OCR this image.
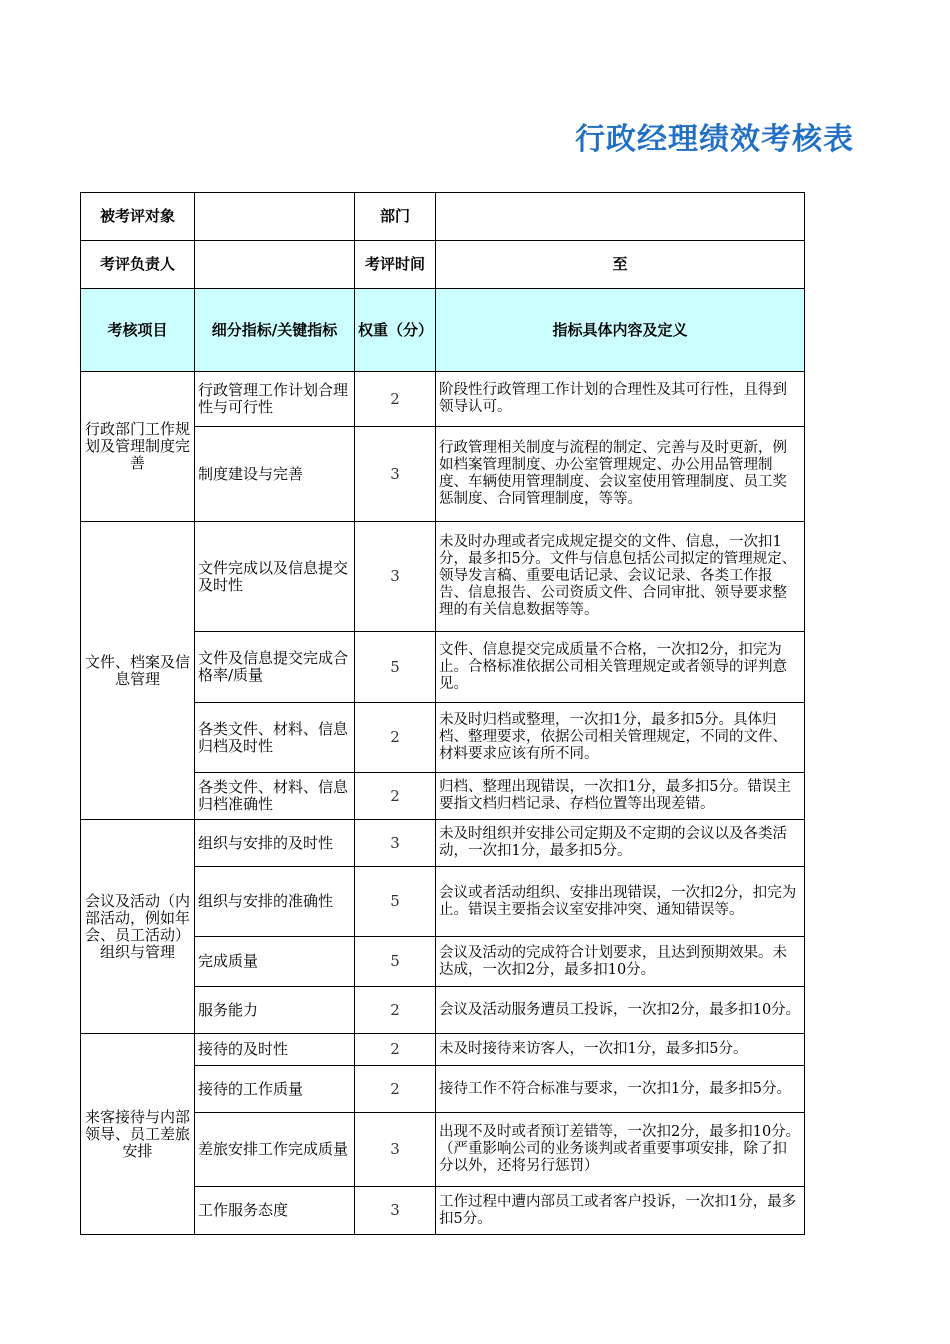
行政经理绩效考核表
被考评对象		部门	
考评负责人		考评时间	至
考核项目	细分指标/关键指标	权重（分）	指标具体内容及定义
行政部门工作规划及管理制度完善	行政管理工作计划合理性与可行性	2	阶段性行政管理工作计划的合理性及其可行性，且得到领导认可。
	制度建设与完善	3	行政管理相关制度与流程的制定、完善与及时更新，例如档案管理制度、办公室管理规定、办公用品管理制度、车辆使用管理制度、会议室使用管理制度、员工奖惩制度、合同管理制度，等等。
文件、档案及信息管理	文件完成以及信息提交及时性	3	未及时办理或者完成规定提交的文件、信息，一次扣1分，最多扣5分。文件与信息包括公司拟定的管理规定、领导发言稿、重要电话记录、会议记录、各类工作报告、信息报告、公司资质文件、合同审批、领导要求整理的有关信息数据等等。
	文件及信息提交完成合格率/质量	5	文件、信息提交完成质量不合格，一次扣2分，扣完为止。合格标准依据公司相关管理规定或者领导的评判意见。
	各类文件、材料、信息归档及时性	2	未及时归档或整理，一次扣1分，最多扣5分。具体归档、整理要求，依据公司相关管理规定，不同的文件、材料要求应该有所不同。
	各类文件、材料、信息归档准确性	2	归档、整理出现错误，一次扣1分，最多扣5分。错误主要指文档归档记录、存档位置等出现差错。
会议及活动（内部活动，例如年会、员工活动）组织与管理	组织与安排的及时性	3	未及时组织并安排公司定期及不定期的会议以及各类活动，一次扣1分，最多扣5分。
	组织与安排的准确性	5	会议或者活动组织、安排出现错误，一次扣2分，扣完为止。错误主要指会议室安排冲突、通知错误等。
	完成质量	5	会议及活动的完成符合计划要求，且达到预期效果。未达成，一次扣2分，最多扣10分。
	服务能力	2	会议及活动服务遭员工投诉，一次扣2分，最多扣10分。
来客接待与内部领导、员工差旅安排	接待的及时性	2	未及时接待来访客人，一次扣1分，最多扣5分。
	接待的工作质量	2	接待工作不符合标准与要求，一次扣1分，最多扣5分。
	差旅安排工作完成质量	3	出现不及时或者预订差错等，一次扣2分，最多扣10分。（严重影响公司的业务谈判或者重要事项安排，除了扣分以外，还将另行惩罚）
	工作服务态度	3	工作过程中遭内部员工或者客户投诉，一次扣1分，最多扣5分。
